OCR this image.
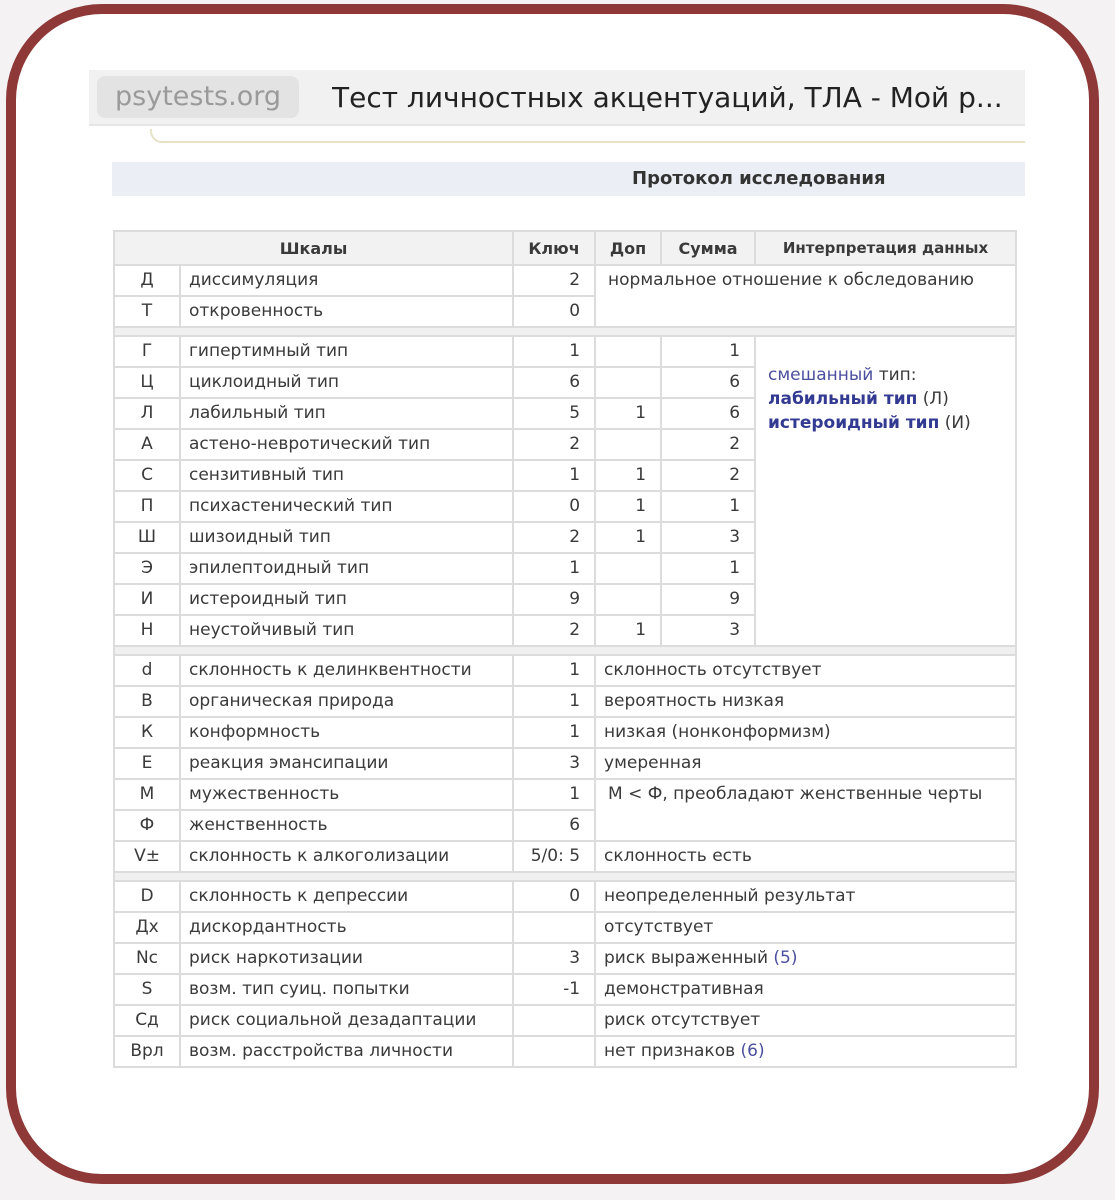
psytests.org	Тест личностных акцентуаций, ТЛА - Мой р...
Протокол исследования
Шкалы		Ключ	Доп	Сумма	Интерпретация данных
Д	диссимуляция	2	нормальное отношение к обследованию		
Т	откровенность	0			

Г	гипертимный тип	1		1	смешанный тип:
лабильный тип (Л)
истероидный тип (И)

Ц	циклоидный тип	6		6	
Л	лабильный тип	5	1	6	
А	астено-невротический тип	2		2	
С	сензитивный тип	1	1	2	
П	психастенический тип	0	1	1	
Ш	шизоидный тип	2	1	3	
Э	эпилептоидный тип	1		1	
И	истероидный тип	9		9	
Н	неустойчивый тип	2	1	3	

d	склонность к делинквентности	1	склонность отсутствует		
B	органическая природа	1	вероятность низкая		
К	конформность	1	низкая (нонконформизм)		
Е	реакция эмансипации	3	умеренная		
М	мужественность	1	М < Ф, преобладают женственные черты		
Ф	женственность	6			
V±	склонность к алкоголизации	5/0: 5	склонность есть		

D	склонность к депрессии	0	неопределенный результат		
Дх	дискордантность		отсутствует		
Nc	риск наркотизации	3	риск выраженный (5)		
S	возм. тип суиц. попытки	-1	демонстративная		
Сд	риск социальной дезадаптации		риск отсутствует		
Врл	возм. расстройства личности		нет признаков (6)		
